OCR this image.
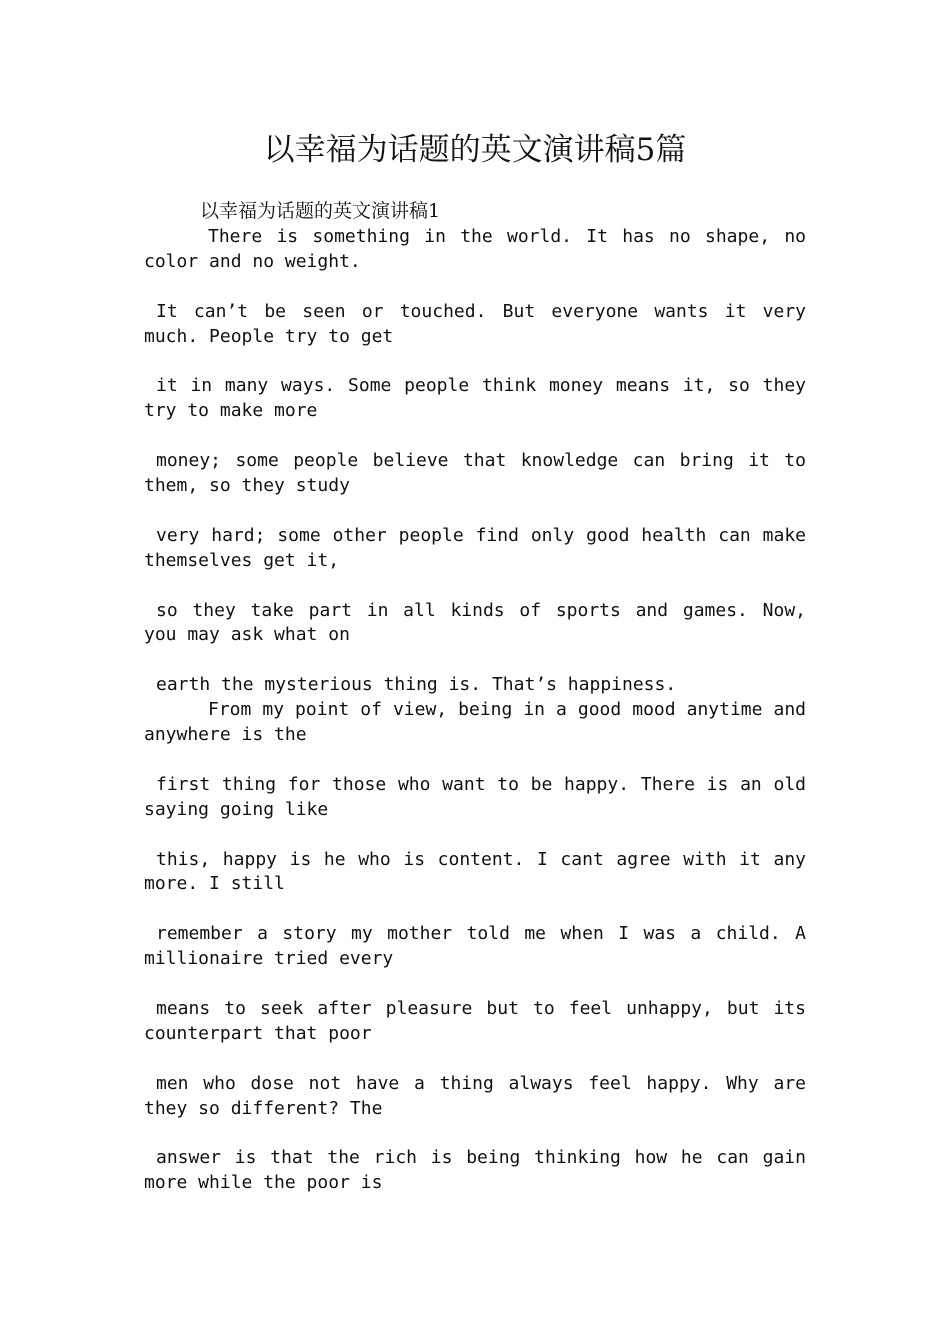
以幸福为话题的英文演讲稿5篇

以幸福为话题的英文演讲稿1

There is something in the world. It has no shape, no color and no weight.

It can’t be seen or touched. But everyone wants it very much. People try to get

it in many ways. Some people think money means it, so they try to make more

money; some people believe that knowledge can bring it to them, so they study

very hard; some other people find only good health can make themselves get it,

so they take part in all kinds of sports and games. Now, you may ask what on

earth the mysterious thing is. That’s happiness.

From my point of view, being in a good mood anytime and anywhere is the

first thing for those who want to be happy. There is an old saying going like

this, happy is he who is content. I cant agree with it any more. I still

remember a story my mother told me when I was a child. A millionaire tried every

means to seek after pleasure but to feel unhappy, but its counterpart that poor

men who dose not have a thing always feel happy. Why are they so different? The

answer is that the rich is being thinking how he can gain more while the poor is
